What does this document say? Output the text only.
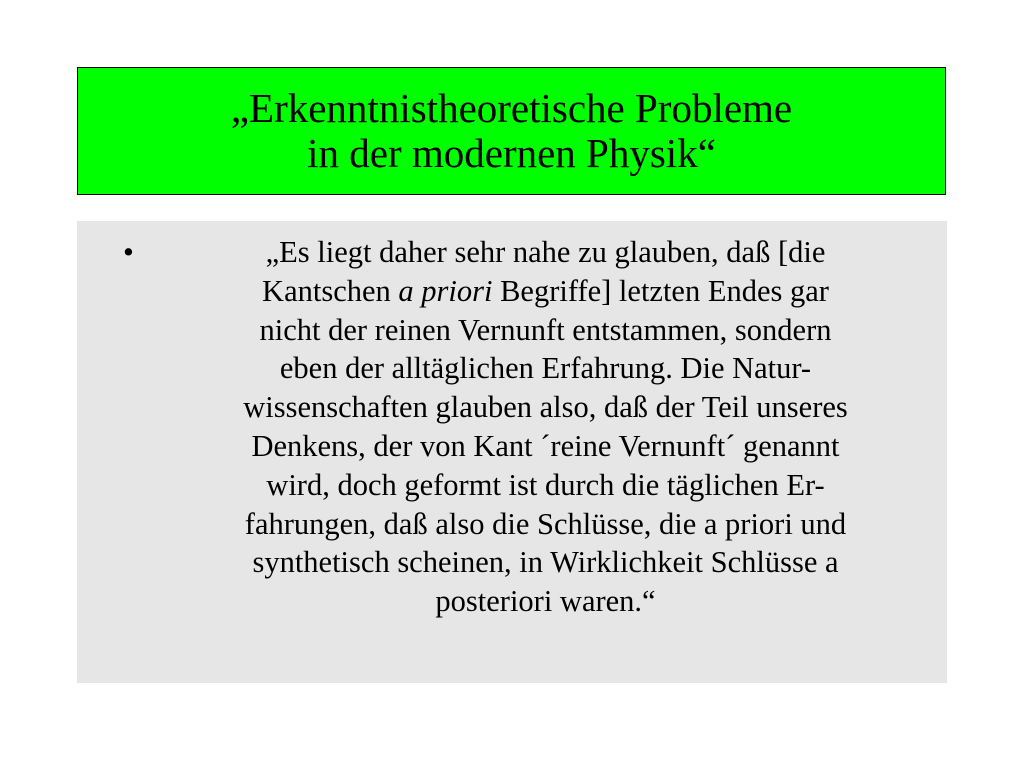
„Erkenntnistheoretische Probleme
in der modernen Physik“
•	„Es liegt daher sehr nahe zu glauben, daß [die
Kantschen a priori Begriffe] letzten Endes gar
nicht der reinen Vernunft entstammen, sondern
eben der alltäglichen Erfahrung. Die Natur-
wissenschaften glauben also, daß der Teil unseres
Denkens, der von Kant ´reine Vernunft´ genannt
wird, doch geformt ist durch die täglichen Er-
fahrungen, daß also die Schlüsse, die a priori und
synthetisch scheinen, in Wirklichkeit Schlüsse a
posteriori waren.“
